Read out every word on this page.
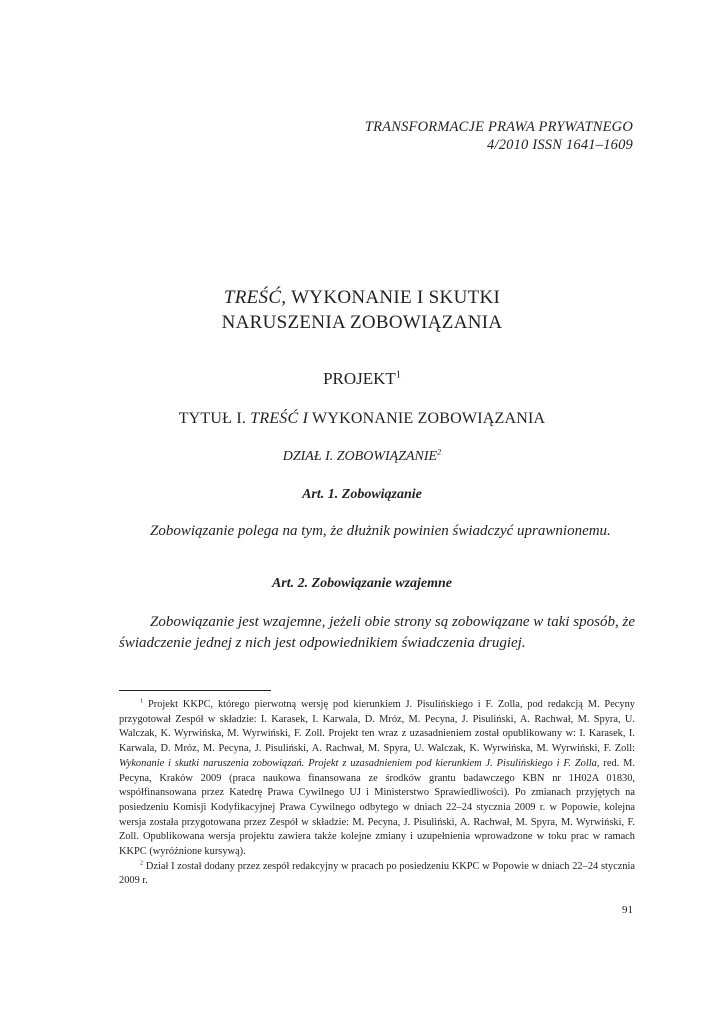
TRANSFORMACJE PRAWA PRYWATNEGO
4/2010 ISSN 1641–1609
TREŚĆ, WYKONANIE I SKUTKI
NARUSZENIA ZOBOWIĄZANIA
PROJEKT$^1$
TYTUŁ I. TREŚĆ I WYKONANIE ZOBOWIĄZANIA
DZIAŁ I. ZOBOWIĄZANIE$^2$
Art. 1. Zobowiązanie
Zobowiązanie polega na tym, że dłużnik powinien świadczyć uprawnionemu.
Art. 2. Zobowiązanie wzajemne
Zobowiązanie jest wzajemne, jeżeli obie strony są zobowiązane w taki sposób, że świadczenie jednej z nich jest odpowiednikiem świadczenia drugiej.

$^1$ Projekt KKPC, którego pierwotną wersję pod kierunkiem J. Pisulińskiego i F. Zolla, pod redakcją M. Pecyny przygotował Zespół w składzie: I. Karasek, I. Karwala, D. Mróz, M. Pecyna, J. Pisuliński, A. Rachwał, M. Spyra, U. Walczak, K. Wyrwińska, M. Wyrwiński, F. Zoll. Projekt ten wraz z uzasadnieniem został opublikowany w: I. Karasek, I. Karwala, D. Mróz, M. Pecyna, J. Pisuliński, A. Rachwał, M. Spyra, U. Walczak, K. Wyrwińska, M. Wyrwiński, F. Zoll: Wykonanie i skutki naruszenia zobowiązań. Projekt z uzasadnieniem pod kierunkiem J. Pisulińskiego i F. Zolla, red. M. Pecyna, Kraków 2009 (praca naukowa finansowana ze środków grantu badawczego KBN nr 1H02A 01830, współfinansowana przez Katedrę Prawa Cywilnego UJ i Ministerstwo Sprawiedliwości). Po zmianach przyjętych na posiedzeniu Komisji Kodyfikacyjnej Prawa Cywilnego odbytego w dniach 22–24 stycznia 2009 r. w Popowie, kolejna wersja została przygotowana przez Zespół w składzie: M. Pecyna, J. Pisuliński, A. Rachwał, M. Spyra, M. Wyrwiński, F. Zoll. Opublikowana wersja projektu zawiera także kolejne zmiany i uzupełnienia wprowadzone w toku prac w ramach KKPC (wyróżnione kursywą).

$^2$ Dział I został dodany przez zespół redakcyjny w pracach po posiedzeniu KKPC w Popowie w dniach 22–24 stycznia 2009 r.

91
